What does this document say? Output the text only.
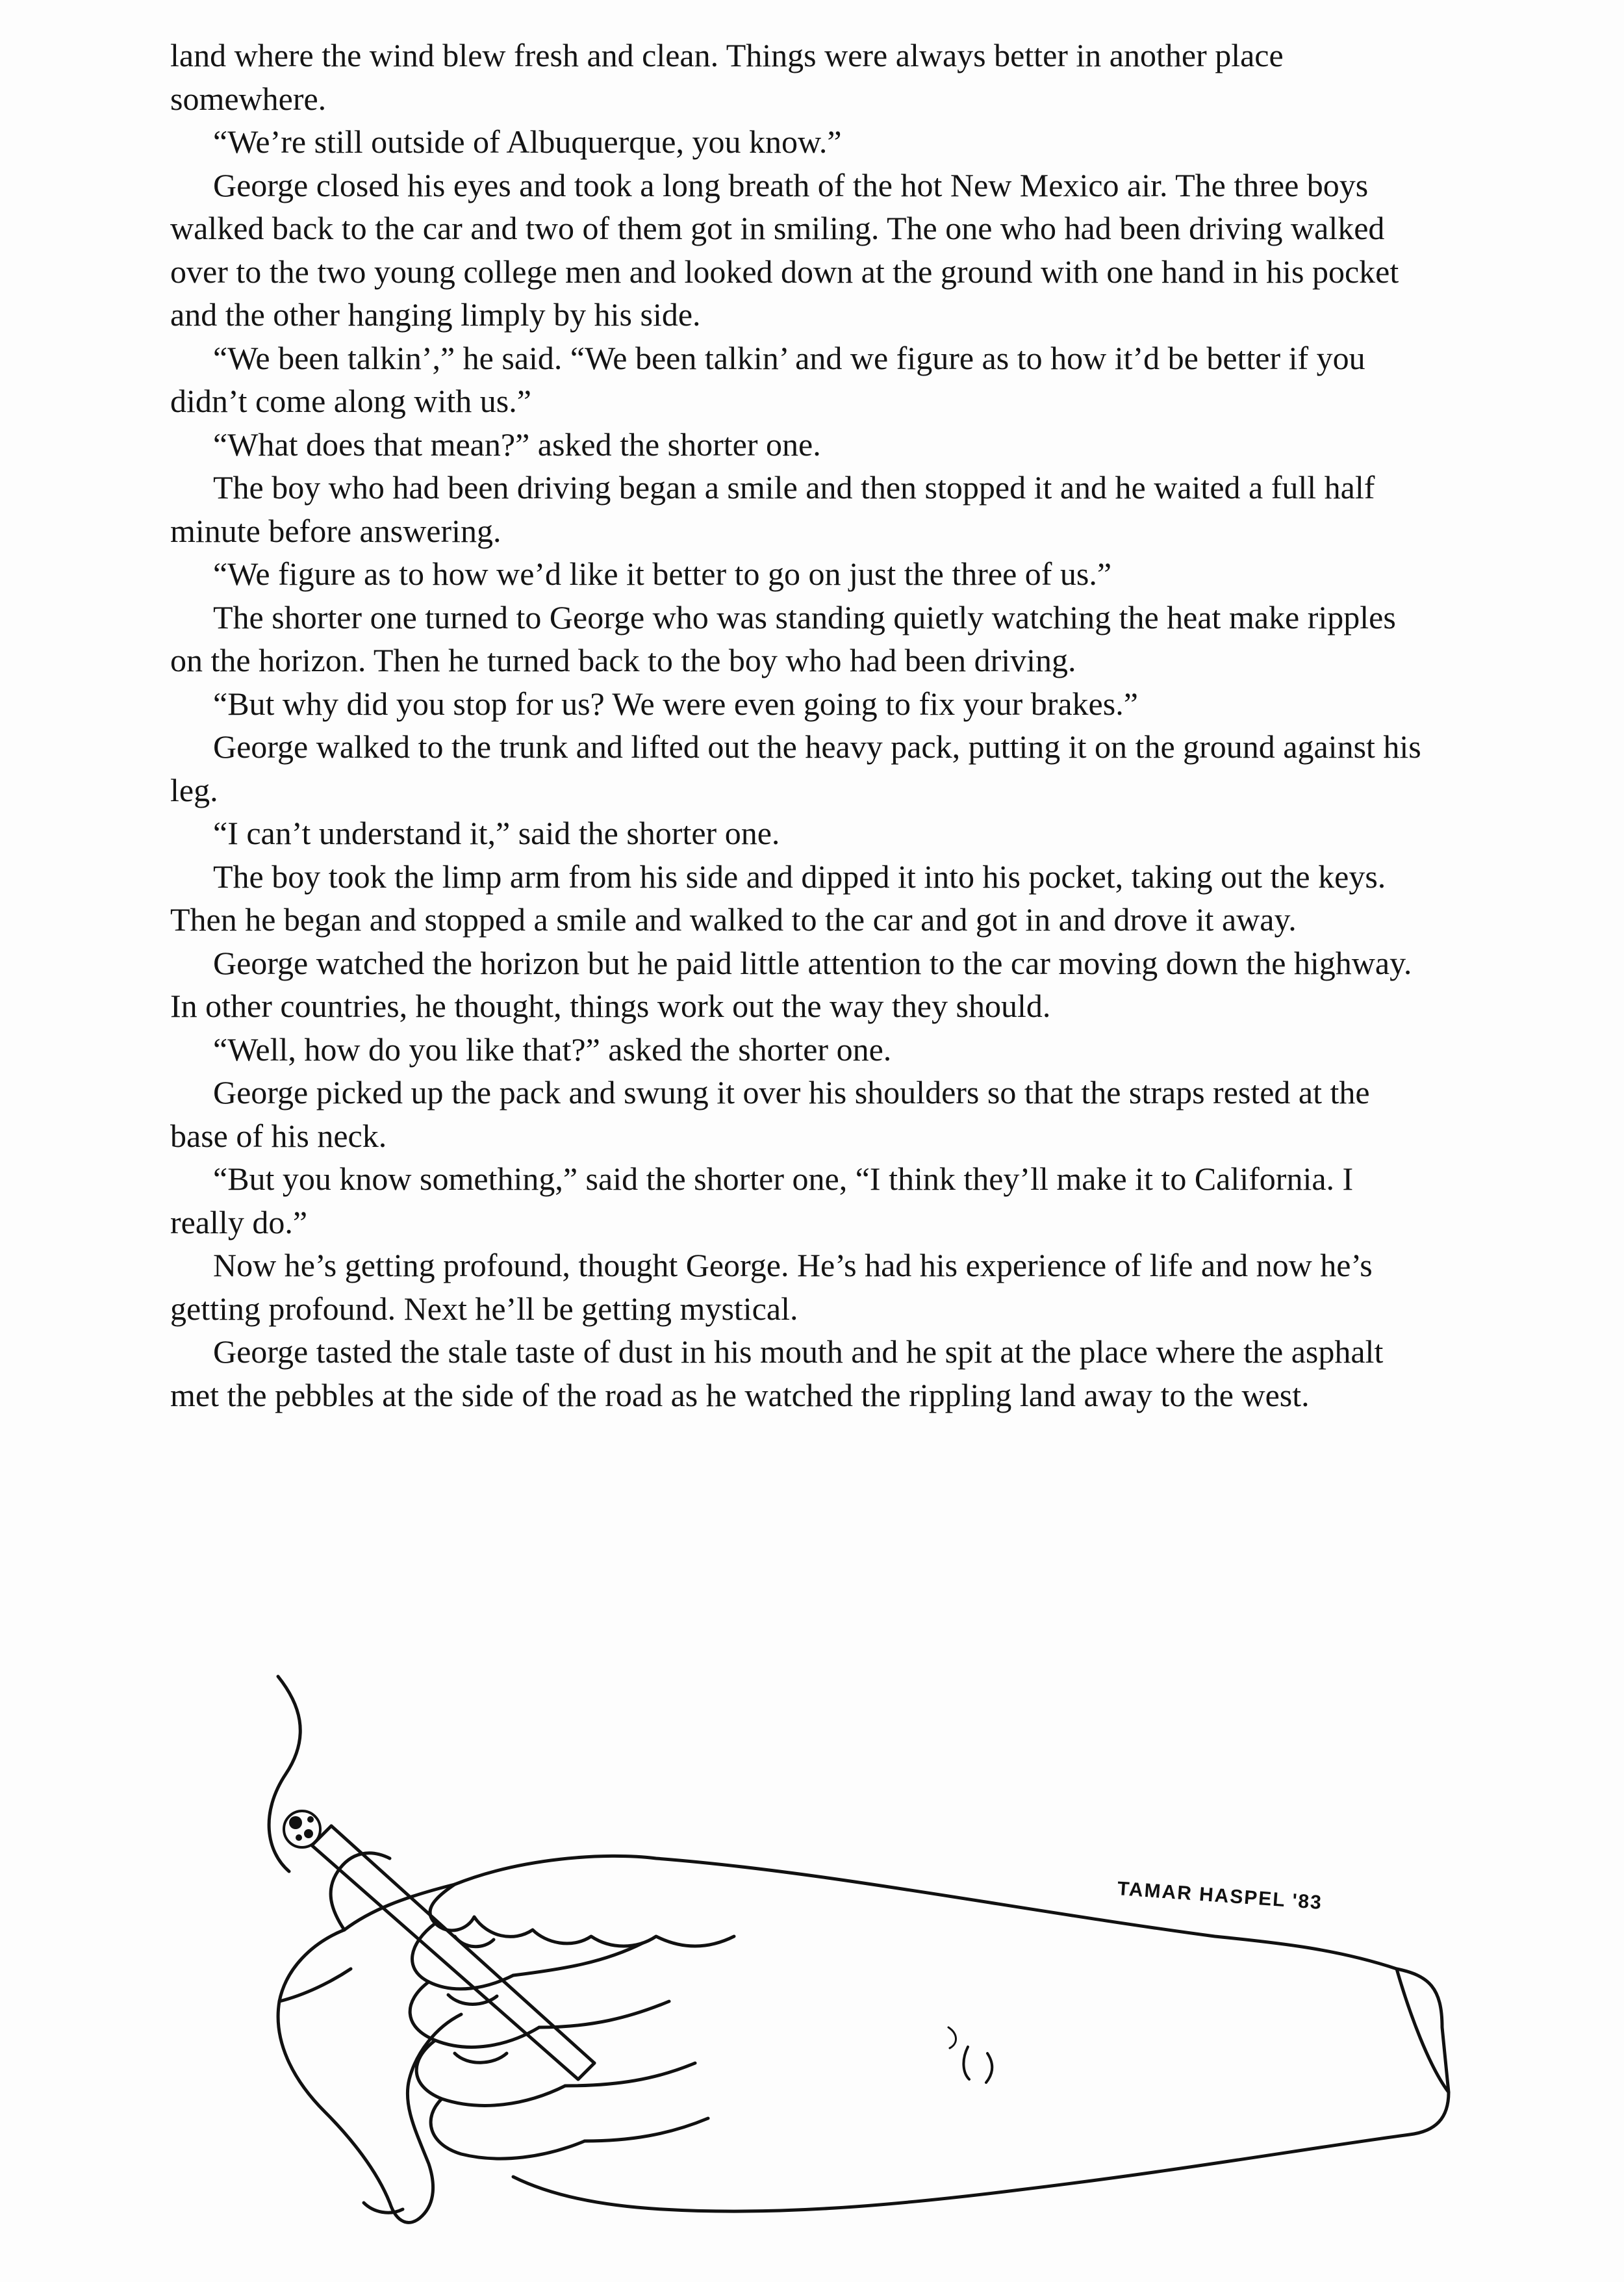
land where the wind blew fresh and clean. Things were always better in another place somewhere.

“We’re still outside of Albuquerque, you know.”

George closed his eyes and took a long breath of the hot New Mexico air. The three boys walked back to the car and two of them got in smiling. The one who had been driving walked over to the two young college men and looked down at the ground with one hand in his pocket and the other hanging limply by his side.

“We been talkin’,” he said. “We been talkin’ and we figure as to how it’d be better if you didn’t come along with us.”

“What does that mean?” asked the shorter one.

The boy who had been driving began a smile and then stopped it and he waited a full half minute before answering.

“We figure as to how we’d like it better to go on just the three of us.”

The shorter one turned to George who was standing quietly watching the heat make ripples on the horizon. Then he turned back to the boy who had been driving.

“But why did you stop for us? We were even going to fix your brakes.”

George walked to the trunk and lifted out the heavy pack, putting it on the ground against his leg.

“I can’t understand it,” said the shorter one.

The boy took the limp arm from his side and dipped it into his pocket, taking out the keys. Then he began and stopped a smile and walked to the car and got in and drove it away.

George watched the horizon but he paid little attention to the car moving down the highway. In other countries, he thought, things work out the way they should.

“Well, how do you like that?” asked the shorter one.

George picked up the pack and swung it over his shoulders so that the straps rested at the base of his neck.

“But you know something,” said the shorter one, “I think they’ll make it to California. I really do.”

Now he’s getting profound, thought George. He’s had his experience of life and now he’s getting profound. Next he’ll be getting mystical.

George tasted the stale taste of dust in his mouth and he spit at the place where the asphalt met the pebbles at the side of the road as he watched the rippling land away to the west.

TAMAR HASPEL '83
